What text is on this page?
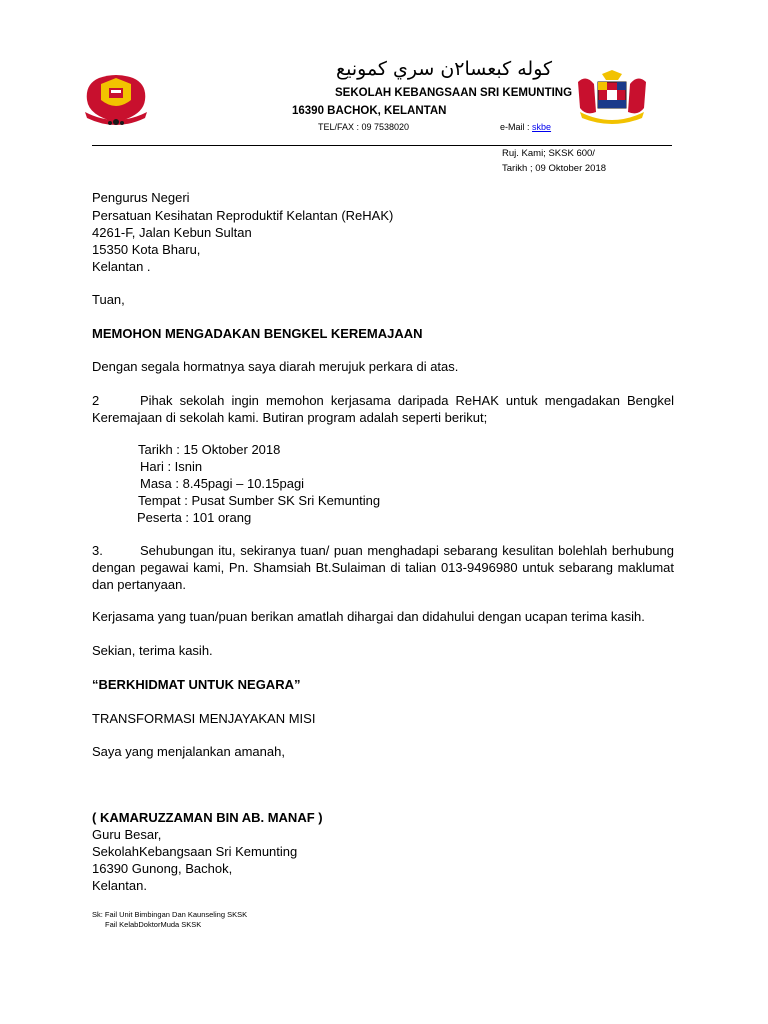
كوله كبعسا٢ن سري كمونيع
SEKOLAH KEBANGSAAN SRI KEMUNTING
16390 BACHOK, KELANTAN
TEL/FAX : 09 7538020	e-Mail : skbe
Ruj. Kami; SKSK 600/
Tarikh ; 09 Oktober 2018
Pengurus Negeri
Persatuan Kesihatan Reproduktif Kelantan (ReHAK)
4261-F, Jalan Kebun Sultan
15350 Kota Bharu,
Kelantan .
Tuan,
MEMOHON MENGADAKAN BENGKEL KEREMAJAAN
Dengan segala hormatnya saya diarah merujuk perkara di atas.
2	Pihak sekolah ingin memohon kerjasama daripada ReHAK untuk mengadakan Bengkel Keremajaan di sekolah kami. Butiran program adalah seperti berikut;
Tarikh : 15 Oktober 2018
Hari : Isnin
Masa : 8.45pagi – 10.15pagi
Tempat : Pusat Sumber SK Sri Kemunting
Peserta : 101 orang
3.	Sehubungan itu, sekiranya tuan/ puan menghadapi sebarang kesulitan bolehlah berhubung dengan pegawai kami, Pn. Shamsiah Bt.Sulaiman di talian 013-9496980 untuk sebarang maklumat dan pertanyaan.
Kerjasama yang tuan/puan berikan amatlah dihargai dan didahului dengan ucapan terima kasih.
Sekian, terima kasih.
“BERKHIDMAT UNTUK NEGARA”
TRANSFORMASI MENJAYAKAN MISI
Saya yang menjalankan amanah,
( KAMARUZZAMAN BIN AB. MANAF )
Guru Besar,
SekolahKebangsaan Sri Kemunting
16390 Gunong, Bachok,
Kelantan.
Sk: Fail Unit Bimbingan Dan Kaunseling SKSK
Fail KelabDoktorMuda SKSK
